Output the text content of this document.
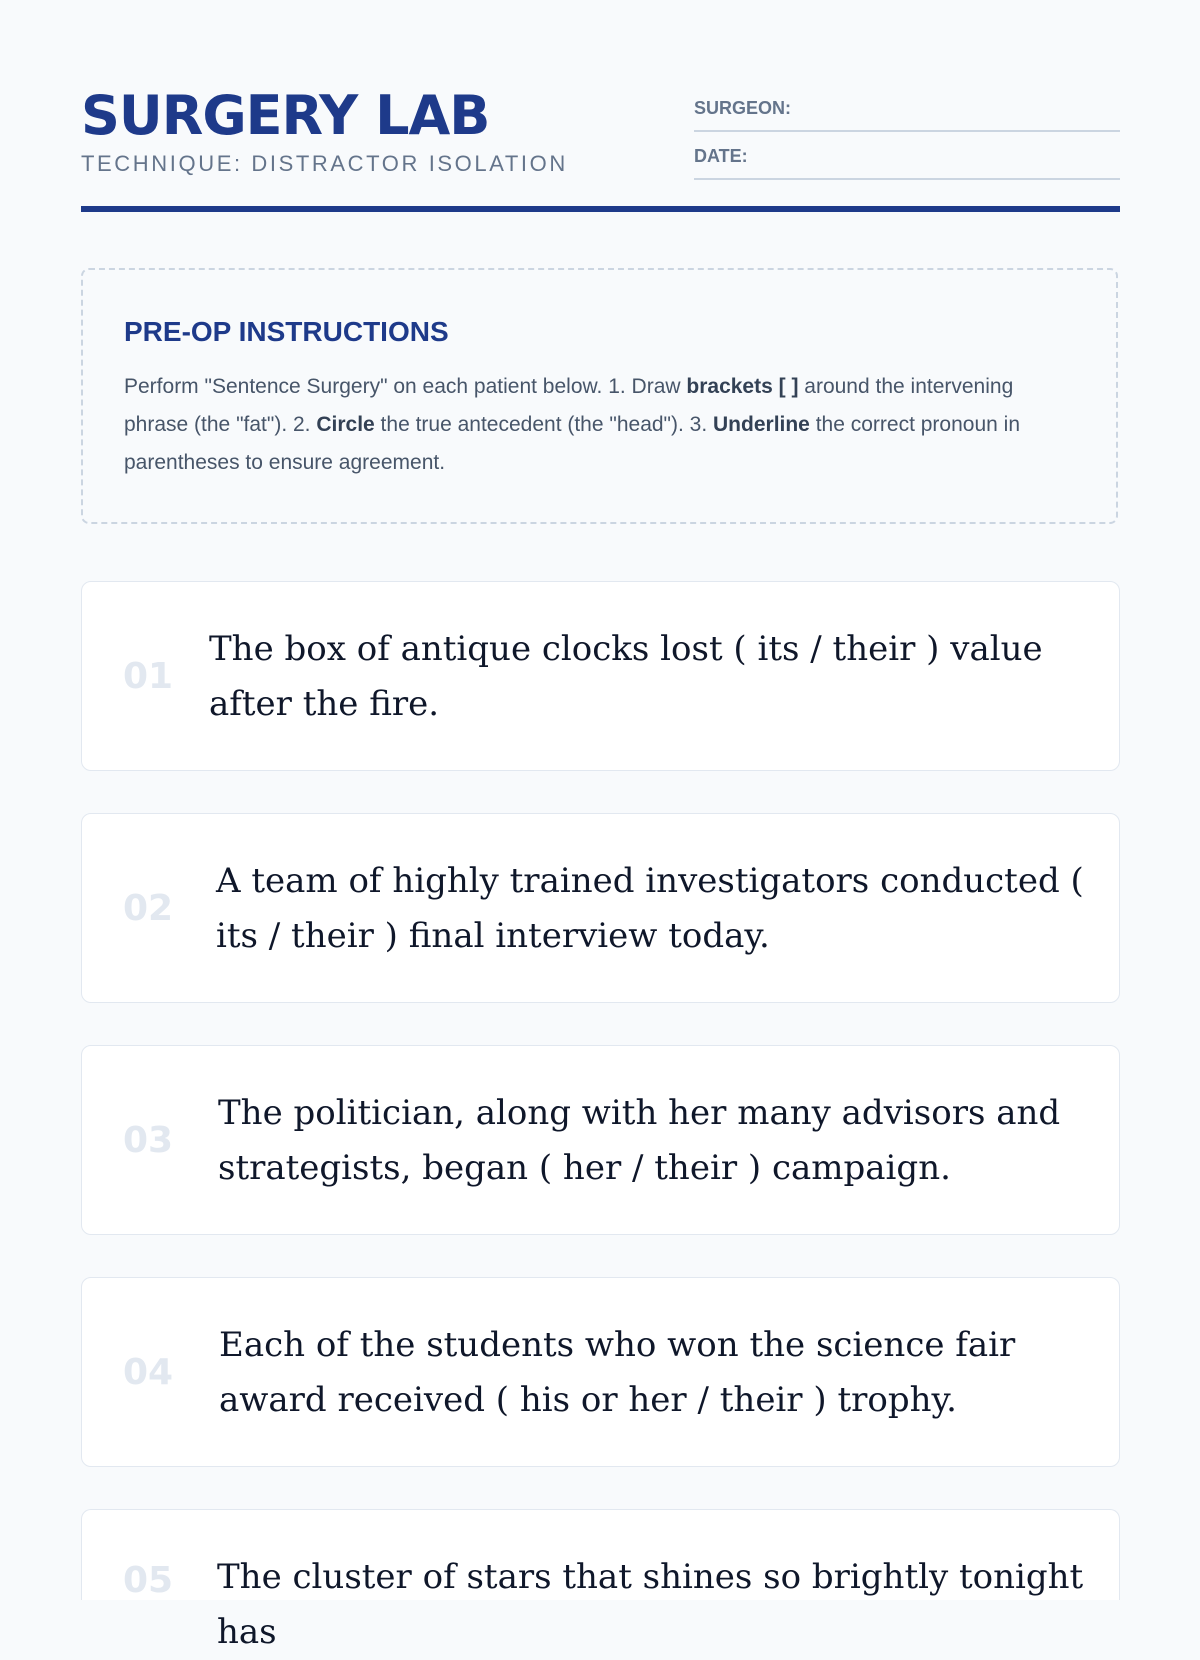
SURGERY LAB
TECHNIQUE: DISTRACTOR ISOLATION
SURGEON:
DATE:
PRE-OP INSTRUCTIONS
Perform "Sentence Surgery" on each patient below. 1. Draw brackets [ ] around the intervening phrase (the "fat"). 2. Circle the true antecedent (the "head"). 3. Underline the correct pronoun in parentheses to ensure agreement.
01
The box of antique clocks lost ( its / their ) value after the fire.
02
A team of highly trained investigators conducted ( its / their ) final interview today.
03
The politician, along with her many advisors and strategists, began ( her / their ) campaign.
04
Each of the students who won the science fair award received ( his or her / their ) trophy.
05 The cluster of stars that shines so brightly tonight has
